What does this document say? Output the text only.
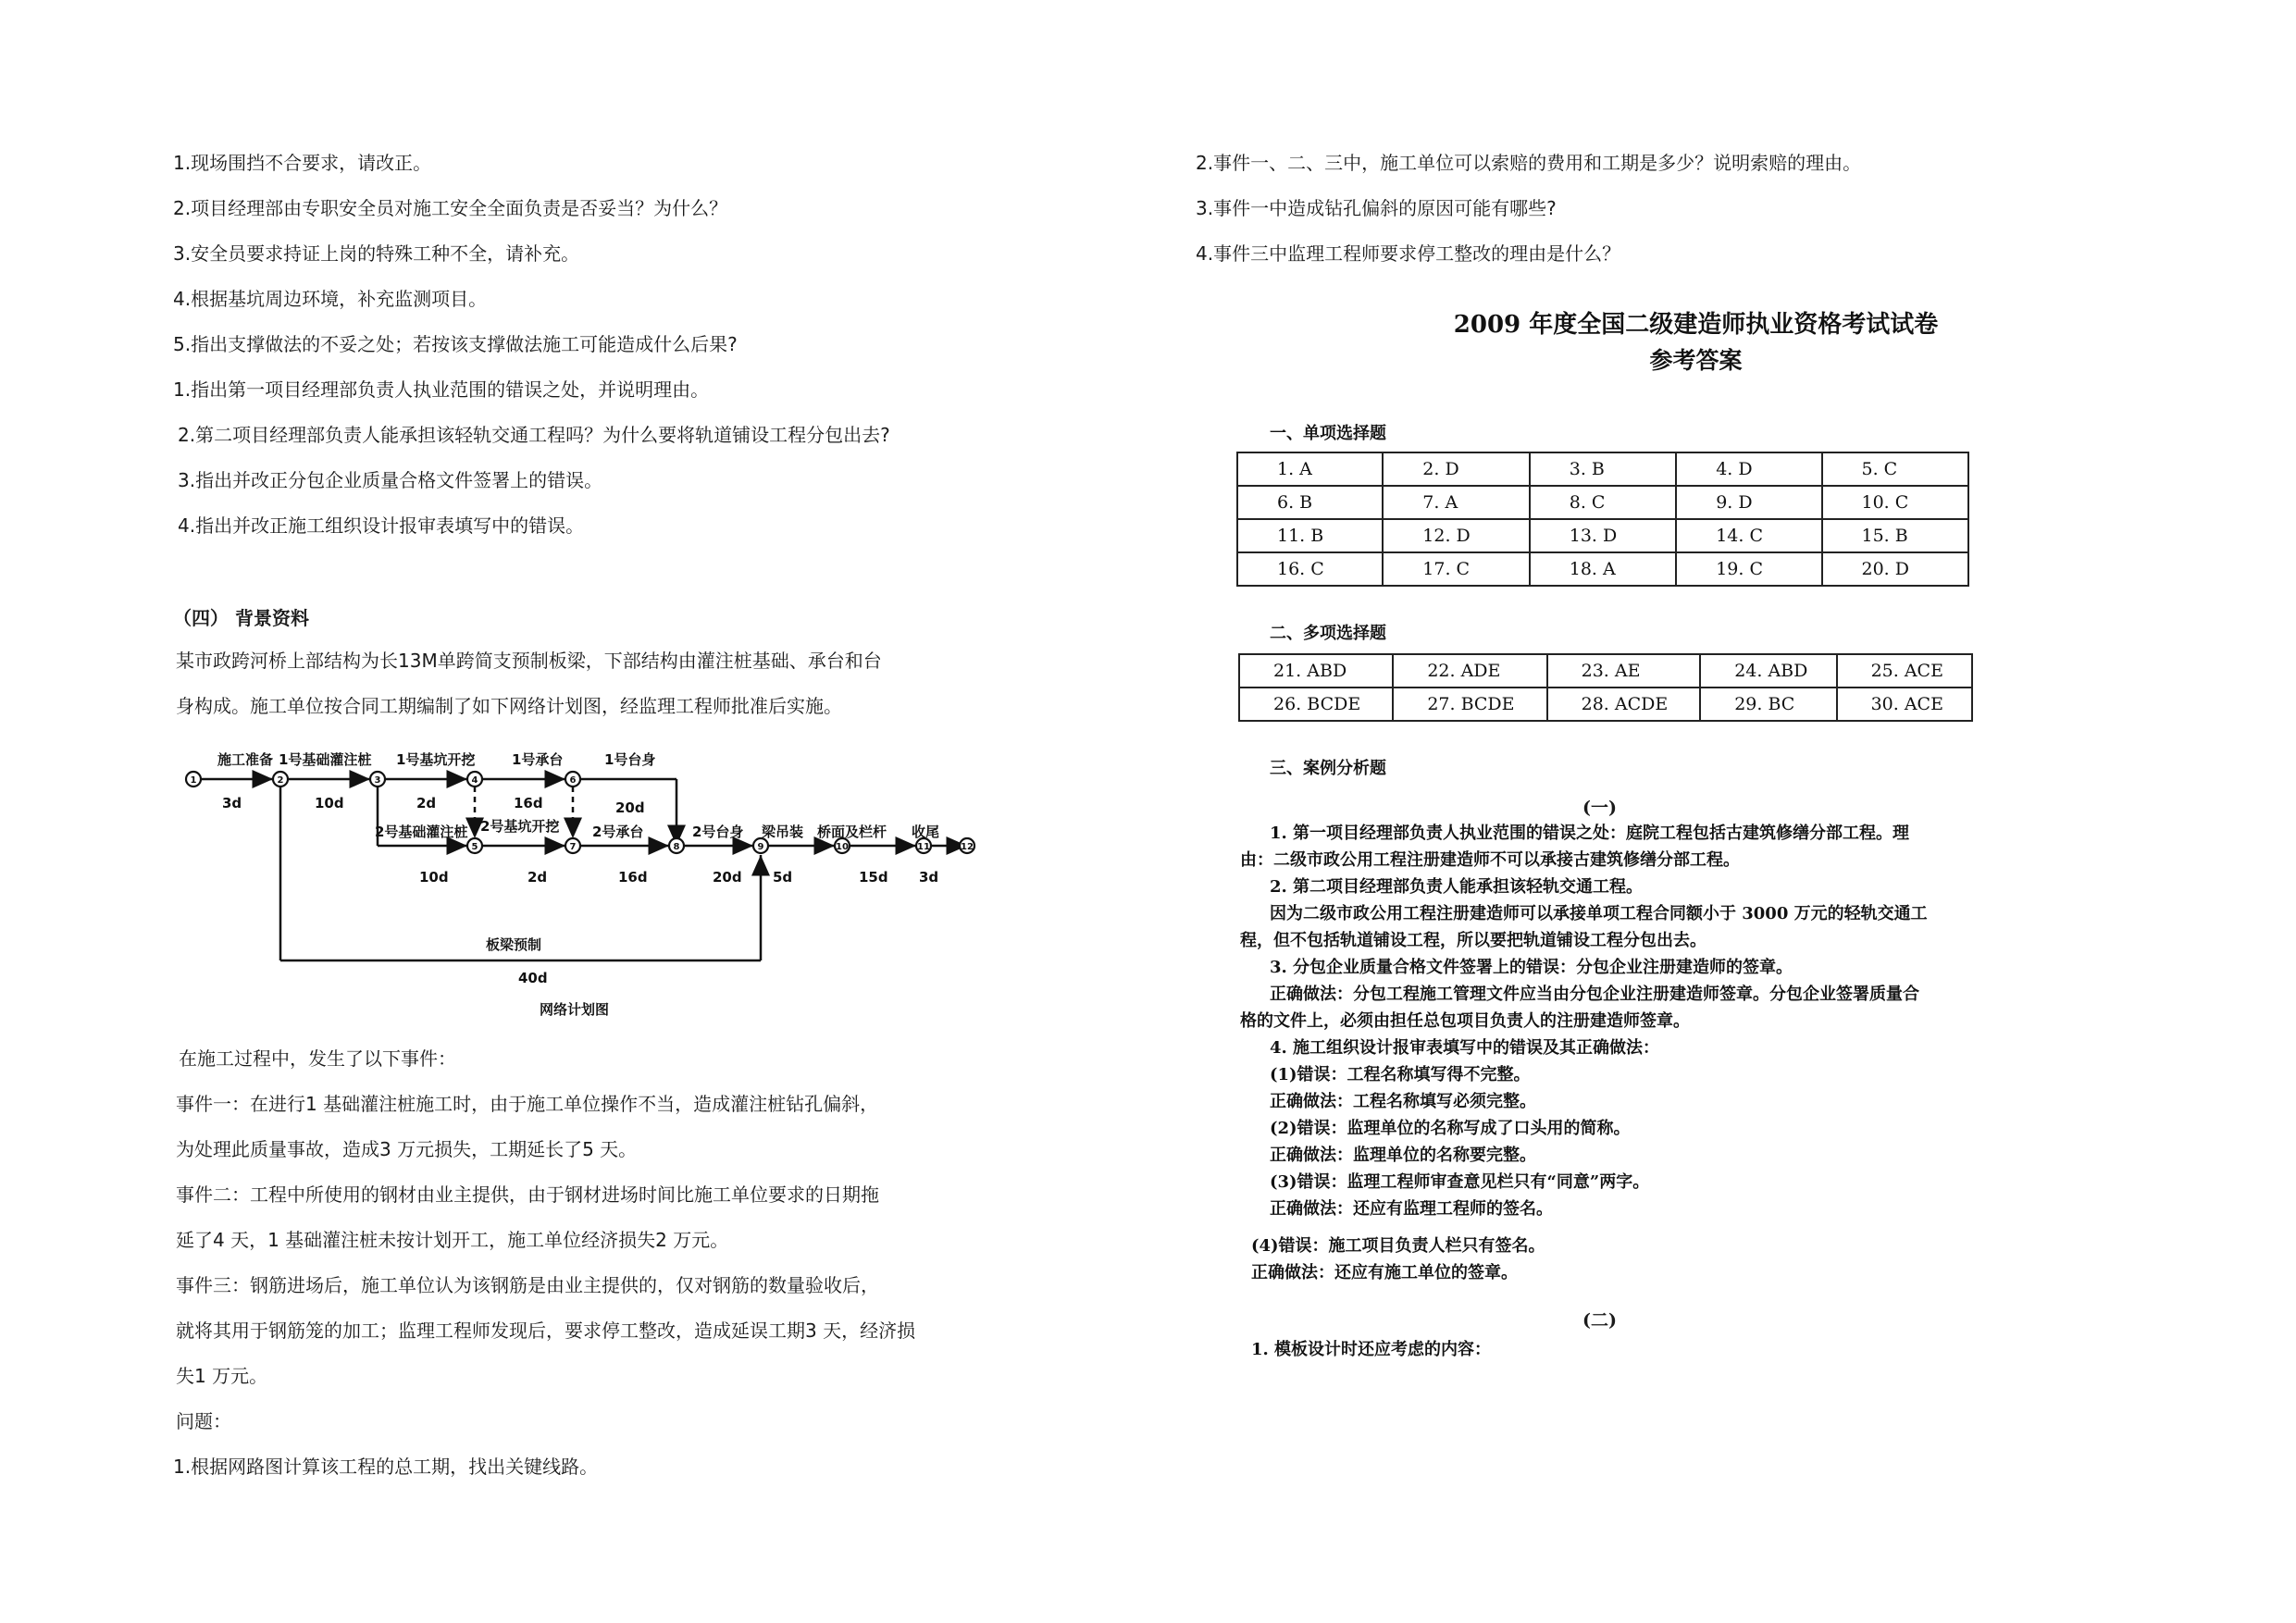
1.现场围挡不合要求，请改正。
2.项目经理部由专职安全员对施工安全全面负责是否妥当？为什么？
3.安全员要求持证上岗的特殊工种不全，请补充。
4.根据基坑周边环境，补充监测项目。
5.指出支撑做法的不妥之处；若按该支撑做法施工可能造成什么后果?
1.指出第一项目经理部负责人执业范围的错误之处，并说明理由。
2.第二项目经理部负责人能承担该轻轨交通工程吗？为什么要将轨道铺设工程分包出去?
3.指出并改正分包企业质量合格文件签署上的错误。
4.指出并改正施工组织设计报审表填写中的错误。
（四） 背景资料
某市政跨河桥上部结构为长13M单跨简支预制板梁，下部结构由灌注桩基础、承台和台
身构成。施工单位按合同工期编制了如下网络计划图，经监理工程师批准后实施。
1	2	3	4
5
6
7	8	9	10	11	12
施工准备 1号基础灌注桩 1号基坑开挖	1号承台	1号台身
2号基础灌注桩 2号基坑开挖 2号承台	2号台身 梁吊装 桥面及栏杆 收尾
板梁预制
3d	10d	2d	16d	20d
10d	2d	16d	20d 5d	15d 3d
40d
网络计划图
在施工过程中，发生了以下事件：
事件一：在进行1 基础灌注桩施工时，由于施工单位操作不当，造成灌注桩钻孔偏斜，
为处理此质量事故，造成3 万元损失，工期延长了5 天。
事件二：工程中所使用的钢材由业主提供，由于钢材进场时间比施工单位要求的日期拖
延了4 天，1 基础灌注桩未按计划开工，施工单位经济损失2 万元。
事件三：钢筋进场后，施工单位认为该钢筋是由业主提供的，仅对钢筋的数量验收后，
就将其用于钢筋笼的加工；监理工程师发现后，要求停工整改，造成延误工期3 天，经济损
失1 万元。
问题：
1.根据网路图计算该工程的总工期，找出关键线路。
2.事件一、二、三中，施工单位可以索赔的费用和工期是多少？说明索赔的理由。
3.事件一中造成钻孔偏斜的原因可能有哪些?
4.事件三中监理工程师要求停工整改的理由是什么？
2009 年度全国二级建造师执业资格考试试卷
参考答案
一、单项选择题
1. A	2. D	3. B	4. D	5. C
6. B	7. A	8. C	9. D	10. C
11. B	12. D	13. D	14. C	15. B
16. C	17. C	18. A	19. C	20. D
二、多项选择题
21. ABD	22. ADE	23. AE	24. ABD	25. ACE
26. BCDE	27. BCDE	28. ACDE	29. BC	30. ACE
三、案例分析题
(一)
1. 第一项目经理部负责人执业范围的错误之处：庭院工程包括古建筑修缮分部工程。理
由：二级市政公用工程注册建造师不可以承接古建筑修缮分部工程。
2. 第二项目经理部负责人能承担该轻轨交通工程。
因为二级市政公用工程注册建造师可以承接单项工程合同额小于 3000 万元的轻轨交通工
程，但不包括轨道铺设工程，所以要把轨道铺设工程分包出去。
3. 分包企业质量合格文件签署上的错误：分包企业注册建造师的签章。
正确做法：分包工程施工管理文件应当由分包企业注册建造师签章。分包企业签署质量合
格的文件上，必须由担任总包项目负责人的注册建造师签章。
4. 施工组织设计报审表填写中的错误及其正确做法：
(1)错误：工程名称填写得不完整。
正确做法：工程名称填写必须完整。
(2)错误：监理单位的名称写成了口头用的简称。
正确做法：监理单位的名称要完整。
(3)错误：监理工程师审查意见栏只有“同意”两字。
正确做法：还应有监理工程师的签名。
(4)错误：施工项目负责人栏只有签名。
正确做法：还应有施工单位的签章。
(二)
1. 模板设计时还应考虑的内容：
